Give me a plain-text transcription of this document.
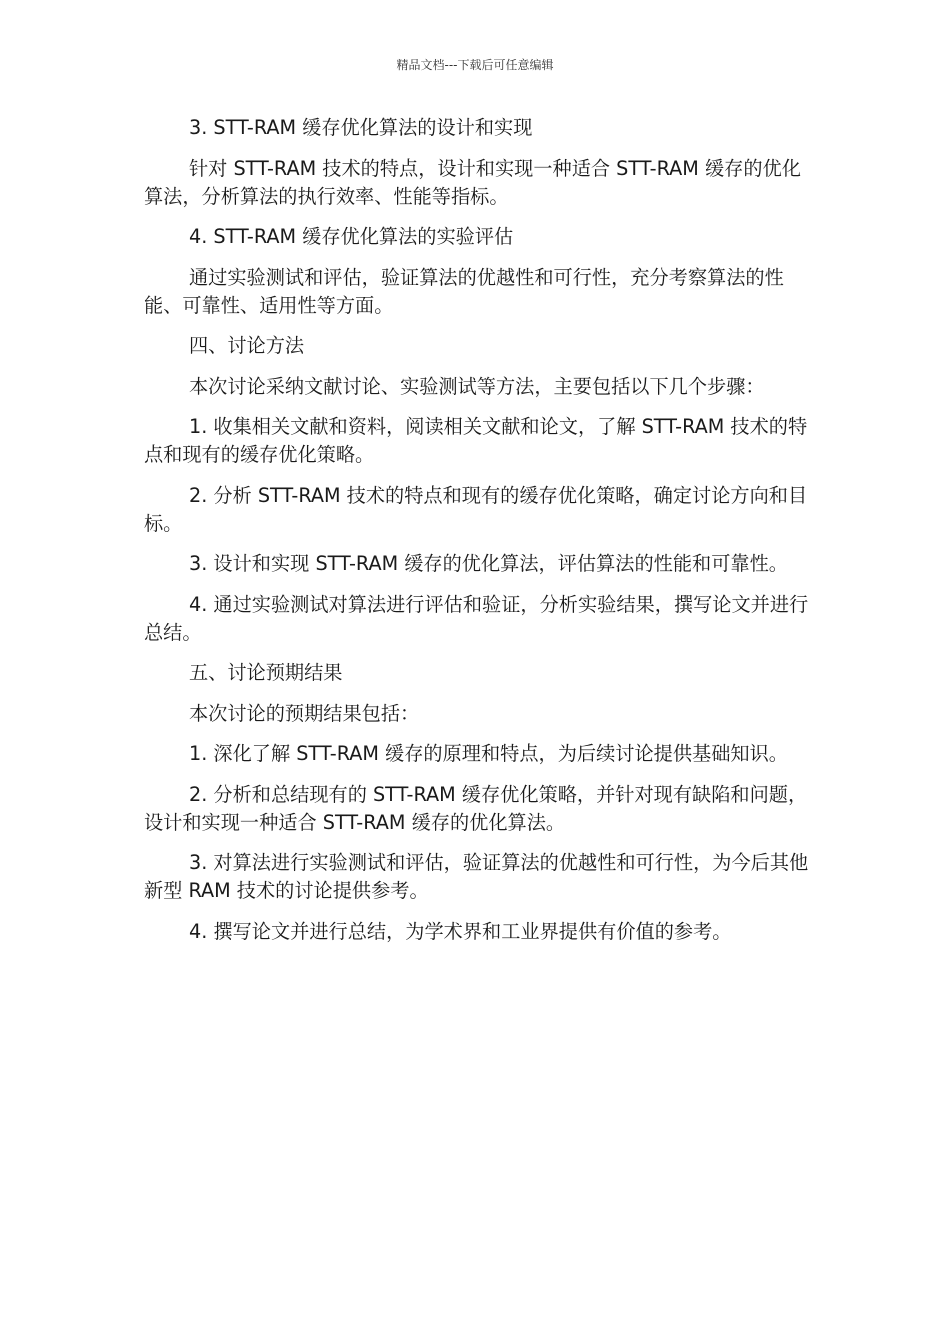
精品文档---下载后可任意编辑

3. STT-RAM 缓存优化算法的设计和实现

针对 STT-RAM 技术的特点，设计和实现一种适合 STT-RAM 缓存的优化算法，分析算法的执行效率、性能等指标。

4. STT-RAM 缓存优化算法的实验评估

通过实验测试和评估，验证算法的优越性和可行性，充分考察算法的性能、可靠性、适用性等方面。

四、讨论方法

本次讨论采纳文献讨论、实验测试等方法，主要包括以下几个步骤：

1. 收集相关文献和资料，阅读相关文献和论文，了解 STT-RAM 技术的特点和现有的缓存优化策略。

2. 分析 STT-RAM 技术的特点和现有的缓存优化策略，确定讨论方向和目标。

3. 设计和实现 STT-RAM 缓存的优化算法，评估算法的性能和可靠性。

4. 通过实验测试对算法进行评估和验证，分析实验结果，撰写论文并进行总结。

五、讨论预期结果

本次讨论的预期结果包括：

1. 深化了解 STT-RAM 缓存的原理和特点，为后续讨论提供基础知识。

2. 分析和总结现有的 STT-RAM 缓存优化策略，并针对现有缺陷和问题，设计和实现一种适合 STT-RAM 缓存的优化算法。

3. 对算法进行实验测试和评估，验证算法的优越性和可行性，为今后其他新型 RAM 技术的讨论提供参考。

4. 撰写论文并进行总结，为学术界和工业界提供有价值的参考。
